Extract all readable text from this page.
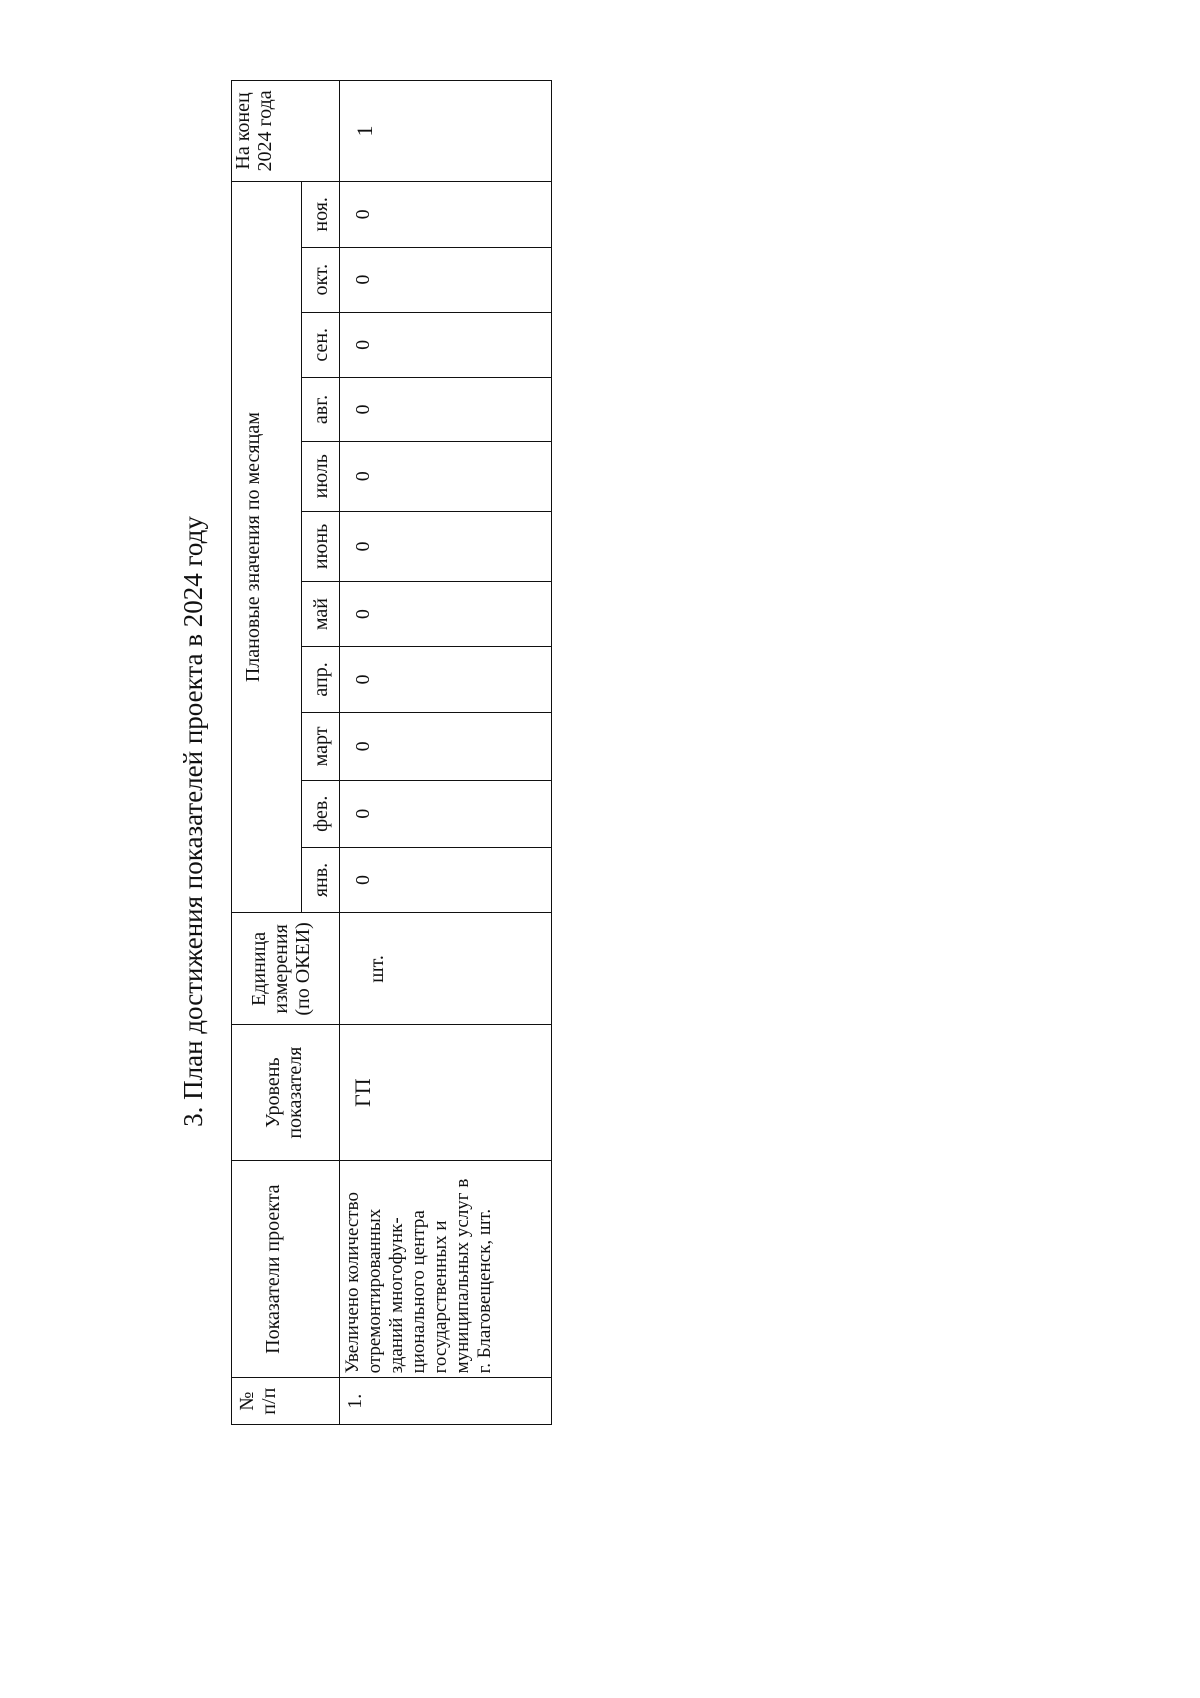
3. План достижения показателей проекта в 2024 году
№
п/п	Показатели проекта	Уровень
показателя	Единица
измерения
(по ОКЕИ)	Плановые значения по месяцам											На конец
2024 года
				янв.	фев.	март	апр.	май	июнь	июль	авг.	сен.	окт.	ноя.	
1.	Увеличено количество отремонтированных зданий многофунк-ционального центра государственных и муниципальных услуг в г. Благовещенск, шт.	ГП	шт.	0	0	0	0	0	0	0	0	0	0	0	1
